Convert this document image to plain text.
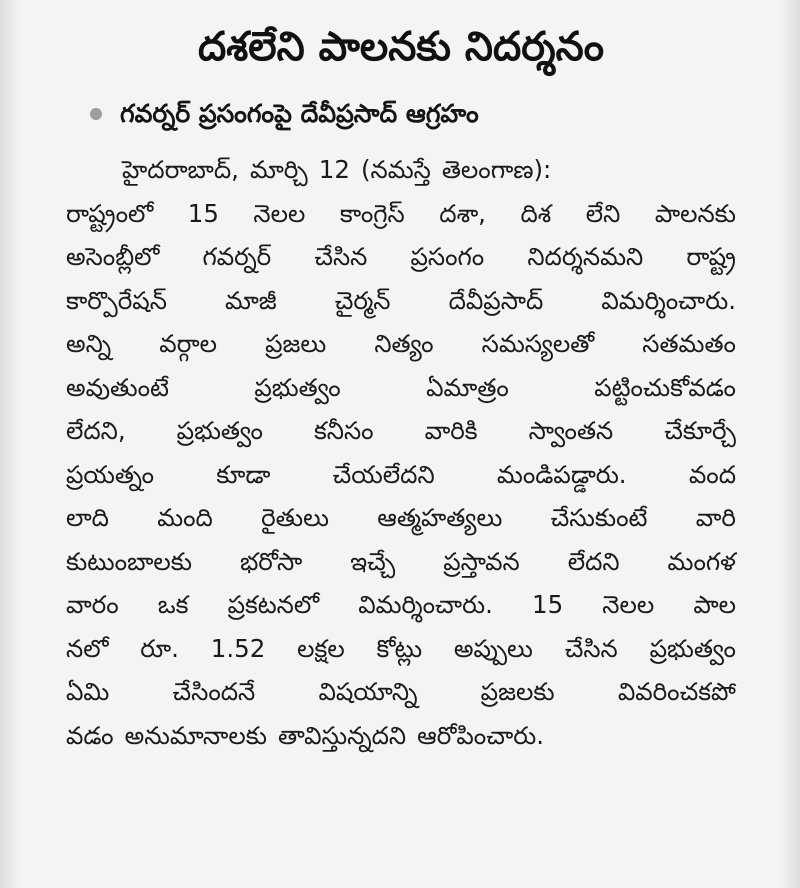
దశలేని పాలనకు నిదర్శనం
గవర్నర్ ప్రసంగంపై దేవీప్రసాద్ ఆగ్రహం
హైదరాబాద్, మార్చి 12 (నమస్తే తెలంగాణ):
రాష్ట్రంలో 15 నెలల కాంగ్రెస్ దశా, దిశ లేని పాలనకు
అసెంబ్లీలో గవర్నర్ చేసిన ప్రసంగం నిదర్శనమని రాష్ట్ర
కార్పొరేషన్ మాజీ చైర్మన్ దేవీప్రసాద్ విమర్శించారు.
అన్ని వర్గాల ప్రజలు నిత్యం సమస్యలతో సతమతం
అవుతుంటే	ప్రభుత్వం	ఏమాత్రం	పట్టించుకోవడం
లేదని, ప్రభుత్వం కనీసం వారికి స్వాంతన చేకూర్చే
ప్రయత్నం	కూడా	చేయలేదని	మండిపడ్డారు.	వంద
లాది మంది రైతులు ఆత్మహత్యలు చేసుకుంటే వారి
కుటుంబాలకు భరోసా ఇచ్చే ప్రస్తావన లేదని మంగళ
వారం ఒక ప్రకటనలో విమర్శించారు. 15 నెలల పాల
నలో రూ. 1.52 లక్షల కోట్లు అప్పులు చేసిన ప్రభుత్వం
ఏమి	చేసిందనే	విషయాన్ని	ప్రజలకు	వివరించకపో
వడం అనుమానాలకు తావిస్తున్నదని ఆరోపించారు.
